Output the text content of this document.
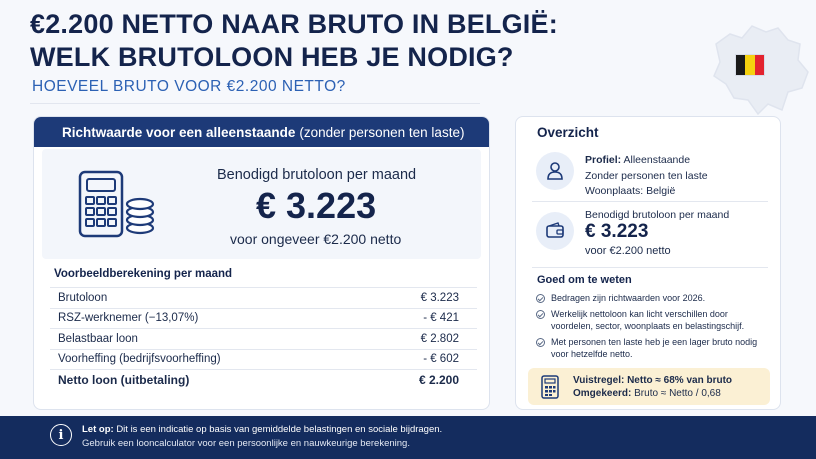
€2.200 NETTO NAAR BRUTO IN BELGIË:
WELK BRUTOLOON HEB JE NODIG?
HOEVEEL BRUTO VOOR €2.200 NETTO?
Richtwaarde voor een alleenstaande (zonder personen ten laste)
Benodigd brutoloon per maand
€ 3.223
voor ongeveer €2.200 netto
Voorbeeldberekening per maand
Brutoloon	€ 3.223
RSZ-werknemer (−13,07%)	- € 421
Belastbaar loon	€ 2.802
Voorheffing (bedrijfsvoorheffing)	- € 602
Netto loon (uitbetaling)	€ 2.200
Overzicht
Profiel: Alleenstaande
Zonder personen ten laste
Woonplaats: België
Benodigd brutoloon per maand
€ 3.223
voor €2.200 netto
Goed om te weten
Bedragen zijn richtwaarden voor 2026.
Werkelijk nettoloon kan licht verschillen door voordelen, sector, woonplaats en belastingschijf.
Met personen ten laste heb je een lager bruto nodig voor hetzelfde netto.
Vuistregel: Netto ≈ 68% van bruto
Omgekeerd: Bruto ≈ Netto / 0,68
i	Let op: Dit is een indicatie op basis van gemiddelde belastingen en sociale bijdragen.
Gebruik een looncalculator voor een persoonlijke en nauwkeurige berekening.
